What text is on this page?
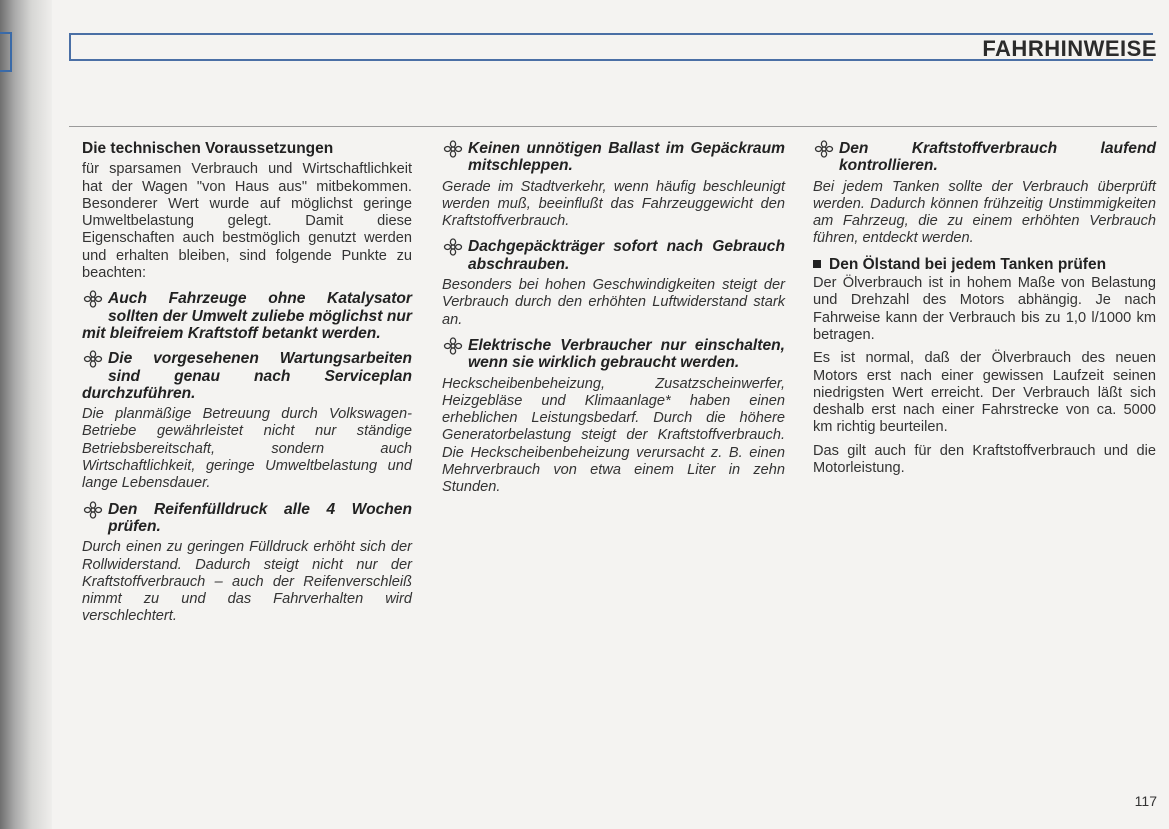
FAHRHINWEISE
Die technischen Voraussetzungen

für sparsamen Verbrauch und Wirtschaftlichkeit hat der Wagen "von Haus aus" mitbekommen. Besonderer Wert wurde auf möglichst geringe Umweltbelastung gelegt. Damit diese Eigenschaften auch bestmöglich genutzt werden und erhalten bleiben, sind folgende Punkte zu beachten:

Auch Fahrzeuge ohne Katalysator sollten der Umwelt zuliebe möglichst nur mit bleifreiem Kraftstoff betankt werden.
Die vorgesehenen Wartungsarbeiten sind genau nach Serviceplan durchzuführen.

Die planmäßige Betreuung durch Volkswagen-Betriebe gewährleistet nicht nur ständige Betriebsbereitschaft, sondern auch Wirtschaftlichkeit, geringe Umweltbelastung und lange Lebensdauer.

Den Reifenfülldruck alle 4 Wochen prüfen.

Durch einen zu geringen Fülldruck erhöht sich der Rollwiderstand. Dadurch steigt nicht nur der Kraftstoffverbrauch – auch der Reifenverschleiß nimmt zu und das Fahrverhalten wird verschlechtert.

Keinen unnötigen Ballast im Gepäckraum mitschleppen.

Gerade im Stadtverkehr, wenn häufig beschleunigt werden muß, beeinflußt das Fahrzeuggewicht den Kraftstoffverbrauch.

Dachgepäckträger sofort nach Gebrauch abschrauben.

Besonders bei hohen Geschwindigkeiten steigt der Verbrauch durch den erhöhten Luftwiderstand stark an.

Elektrische Verbraucher nur einschalten, wenn sie wirklich gebraucht werden.

Heckscheibenbeheizung, Zusatzscheinwerfer, Heizgebläse und Klimaanlage* haben einen erheblichen Leistungsbedarf. Durch die höhere Generatorbelastung steigt der Kraftstoffverbrauch. Die Heckscheibenbeheizung verursacht z. B. einen Mehrverbrauch von etwa einem Liter in zehn Stunden.

Den Kraftstoffverbrauch laufend kontrollieren.

Bei jedem Tanken sollte der Verbrauch überprüft werden. Dadurch können frühzeitig Unstimmigkeiten am Fahrzeug, die zu einem erhöhten Verbrauch führen, entdeckt werden.

Den Ölstand bei jedem Tanken prüfen

Der Ölverbrauch ist in hohem Maße von Belastung und Drehzahl des Motors abhängig. Je nach Fahrweise kann der Verbrauch bis zu 1,0 l/1000 km betragen.

Es ist normal, daß der Ölverbrauch des neuen Motors erst nach einer gewissen Laufzeit seinen niedrigsten Wert erreicht. Der Verbrauch läßt sich deshalb erst nach einer Fahrstrecke von ca. 5000 km richtig beurteilen.

Das gilt auch für den Kraftstoffverbrauch und die Motorleistung.

117
